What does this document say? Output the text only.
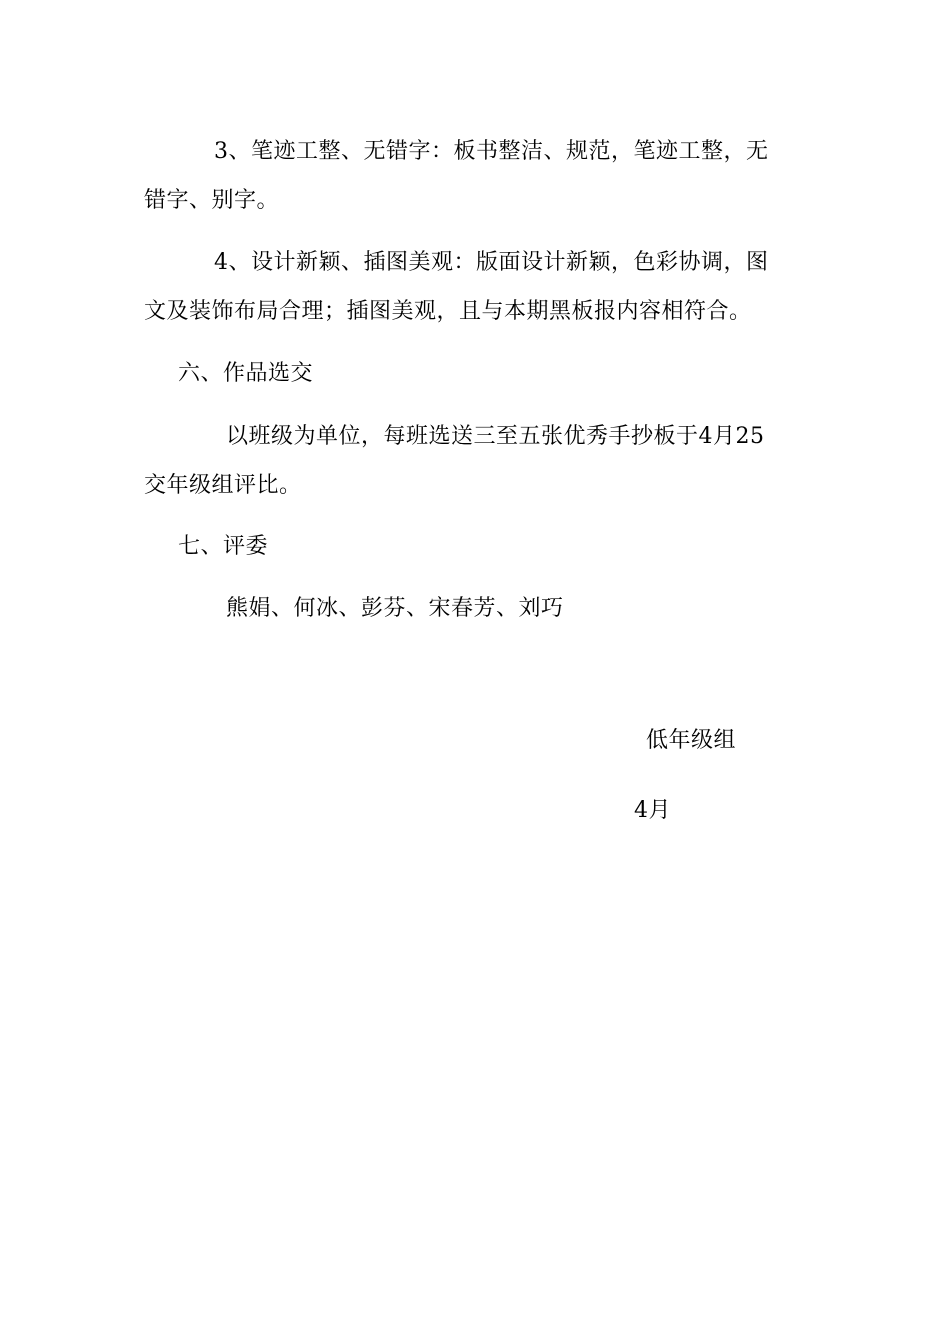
3、笔迹工整、无错字：板书整洁、规范，笔迹工整，无
错字、别字。
4、设计新颖、插图美观：版面设计新颖，色彩协调，图
文及装饰布局合理；插图美观，且与本期黑板报内容相符合。
六、作品选交
以班级为单位，每班选送三至五张优秀手抄板于4月25
交年级组评比。
七、评委
熊娟、何冰、彭芬、宋春芳、刘巧
低年级组
4月
